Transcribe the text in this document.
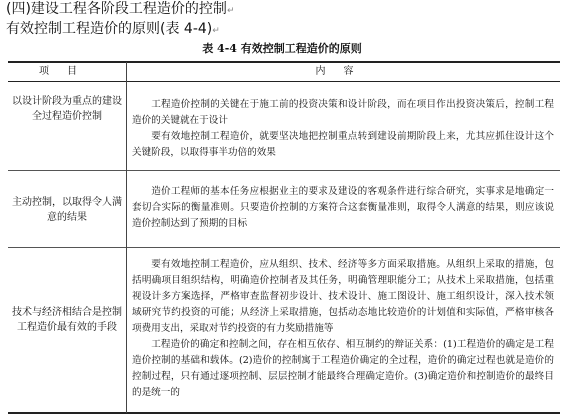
(四)建设工程各阶段工程造价的控制↵
有效控制工程造价的原则(表 4-4)↵
表 4-4 有效控制工程造价的原则
项目	内容
以设计阶段为重点的建设全过程造价控制
主动控制，以取得令人满意的结果
技术与经济相结合是控制工程造价最有效的手段

工程造价控制的关键在于施工前的投资决策和设计阶段，而在项目作出投资决策后，控制工程造价的关键就在于设计

要有效地控制工程造价，就要坚决地把控制重点转到建设前期阶段上来，尤其应抓住设计这个关键阶段，以取得事半功倍的效果

造价工程师的基本任务应根据业主的要求及建设的客观条件进行综合研究，实事求是地确定一套切合实际的衡量准则。只要造价控制的方案符合这套衡量准则，取得令人满意的结果，则应该说造价控制达到了预期的目标

要有效地控制工程造价，应从组织、技术、经济等多方面采取措施。从组织上采取的措施，包括明确项目组织结构，明确造价控制者及其任务，明确管理职能分工；从技术上采取措施，包括重视设计多方案选择，严格审查监督初步设计、技术设计、施工图设计、施工组织设计，深入技术领域研究节约投资的可能；从经济上采取措施，包括动态地比较造价的计划值和实际值，严格审核各项费用支出，采取对节约投资的有力奖励措施等

工程造价的确定和控制之间，存在相互依存、相互制约的辩证关系：(1)工程造价的确定是工程造价控制的基础和载体。(2)造价的控制寓于工程造价确定的全过程，造价的确定过程也就是造价的控制过程，只有通过逐项控制、层层控制才能最终合理确定造价。(3)确定造价和控制造价的最终目的是统一的
